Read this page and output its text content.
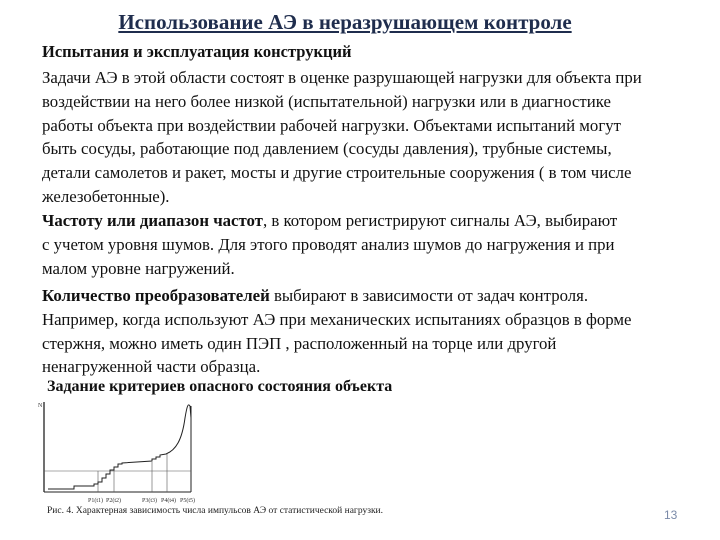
Использование АЭ в неразрушающем контроле
Испытания и эксплуатация конструкций
Задачи АЭ в этой области состоят в оценке разрушающей нагрузки для объекта при
воздействии на него более низкой (испытательной) нагрузки или в диагностике
работы объекта при воздействии рабочей нагрузки. Объектами испытаний могут
быть сосуды, работающие под давлением (сосуды давления), трубные системы,
детали самолетов и ракет, мосты и другие строительные сооружения ( в том числе
железобетонные).
Частоту или диапазон частот, в котором регистрируют сигналы АЭ, выбирают
с учетом уровня шумов. Для этого проводят анализ шумов до нагружения и при
малом уровне нагружений.
Количество преобразователей выбирают в зависимости от задач контроля.
Например, когда используют АЭ при механических испытаниях образцов в форме
стержня, можно иметь один ПЭП , расположенный на торце или другой
ненагруженной части образца.
Задание критериев опасного состояния объекта
N
P1(t1) P2(t2)	P3(t3) P4(t4) P5(t5)
Рис. 4. Характерная зависимость числа импульсов АЭ от статистической нагрузки.	13
